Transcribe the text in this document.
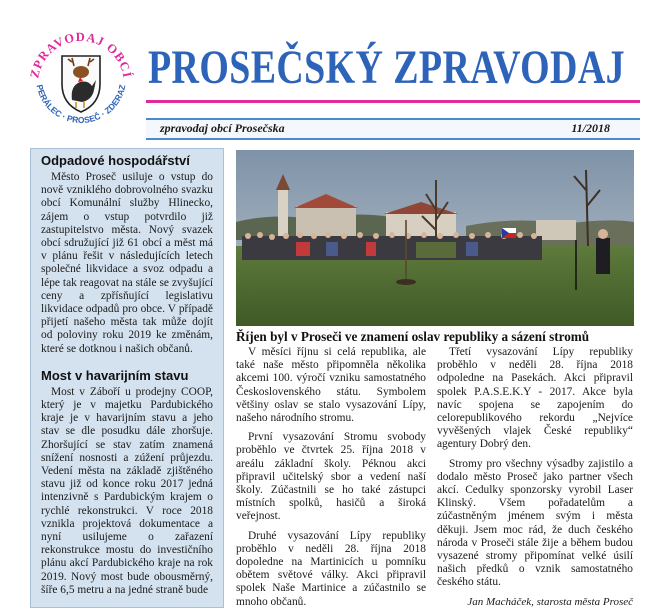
ZPRAVODAJ OBCÍ
PERÁLEC · PROSEČ · ZDERAZ PROSEČSKÝ ZPRAVODAJ
zpravodaj obcí Prosečska	11/2018
Odpadové hospodářství

Město Proseč usiluje o vstup do nově vzniklého dobrovolného svazku obcí Komunální služby Hlinecko, zájem o vstup potvrdilo již zastupitelstvo města. Nový svazek obcí sdružující již 61 obcí a měst má v plánu řešit v následujících letech společné likvidace a svoz odpadu a lépe tak reagovat na stále se zvyšující ceny a zpřísňující legislativu likvidace odpadů pro obce. V případě přijetí našeho města tak může dojít od poloviny roku 2019 ke změnám, které se dotknou i našich občanů.

Most v havarijním stavu

Most v Záboří u prodejny COOP, který je v majetku Pardubického kraje je v havarijním stavu a jeho stav se dle posudku dále zhoršuje. Zhoršující se stav zatím znamená snížení nosnosti a zúžení průjezdu. Vedení města na základě zjištěného stavu již od konce roku 2017 jedná intenzivně s Pardubickým krajem o rychlé rekonstrukci. V roce 2018 vznikla projektová dokumentace a nyní usilujeme o zařazení rekonstrukce mostu do investičního plánu akcí Pardubického kraje na rok 2019. Nový most bude obousměrný, šíře 6,5 metru a na jedné straně bude

Říjen byl v Proseči ve znamení oslav republiky a sázení stromů

V měsíci říjnu si celá republika, ale také naše město připomněla několika akcemi 100. výročí vzniku samostatného Československého státu. Symbolem většiny oslav se stalo vysazování Lípy, našeho národního stromu.

První vysazování Stromu svobody proběhlo ve čtvrtek 25. října 2018 v areálu základní školy. Péknou akci připravil učitelský sbor a vedení naší školy. Zúčastnili se ho také zástupci místních spolků, hasičů a široká veřejnost.

Druhé vysazování Lípy republiky proběhlo v neděli 28. října 2018 dopoledne na Martinicích u pomníku obětem světové války. Akci připravil spolek Naše Martinice a zúčastnilo se mnoho občanů.

Třetí vysazování Lípy republiky proběhlo v neděli 28. října 2018 odpoledne na Pasekách. Akci připravil spolek P.A.S.E.K.Y - 2017. Akce byla navíc spojena se zapojením do celorepublikového rekordu „Nejvíce vyvěšených vlajek České republiky“ agentury Dobrý den.

Stromy pro všechny výsadby zajistilo a dodalo město Proseč jako partner všech akcí. Cedulky sponzorsky vyrobil Laser Klinský. Všem pořadatelům a zúčastněným jménem svým i města děkuji. Jsem moc rád, že duch českého národa v Proseči stále žije a během budou vysazené stromy připomínat velké úsilí našich předků o vznik samostatného českého státu.

Jan Macháček, starosta města Proseč
